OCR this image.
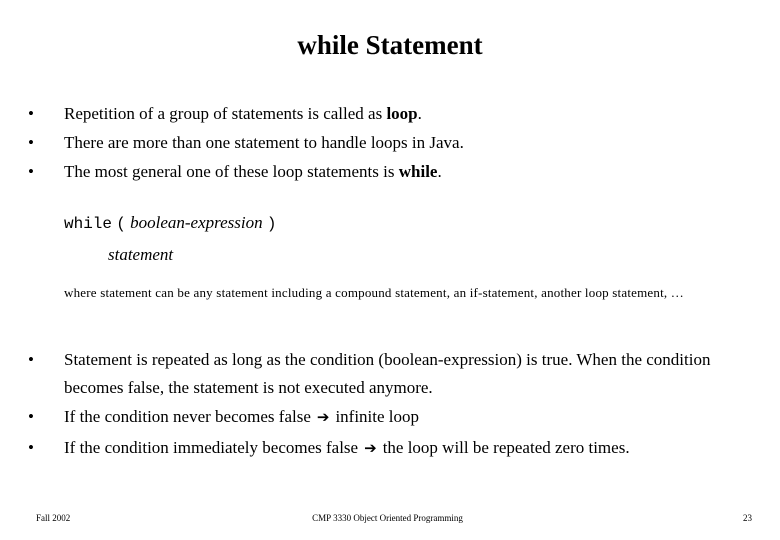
while Statement
• Repetition of a group of statements is called as loop.
• There are more than one statement to handle loops in Java.
• The most general one of these loop statements is while.
while ( boolean-expression )
statement
where statement can be any statement including a compound statement, an if-statement, another loop statement, …
• Statement is repeated as long as the condition (boolean-expression) is true. When the condition becomes false, the statement is not executed anymore.
• If the condition never becomes false ➔ infinite loop
• If the condition immediately becomes false ➔ the loop will be repeated zero times.
Fall 2002	CMP 3330 Object Oriented Programming	23
